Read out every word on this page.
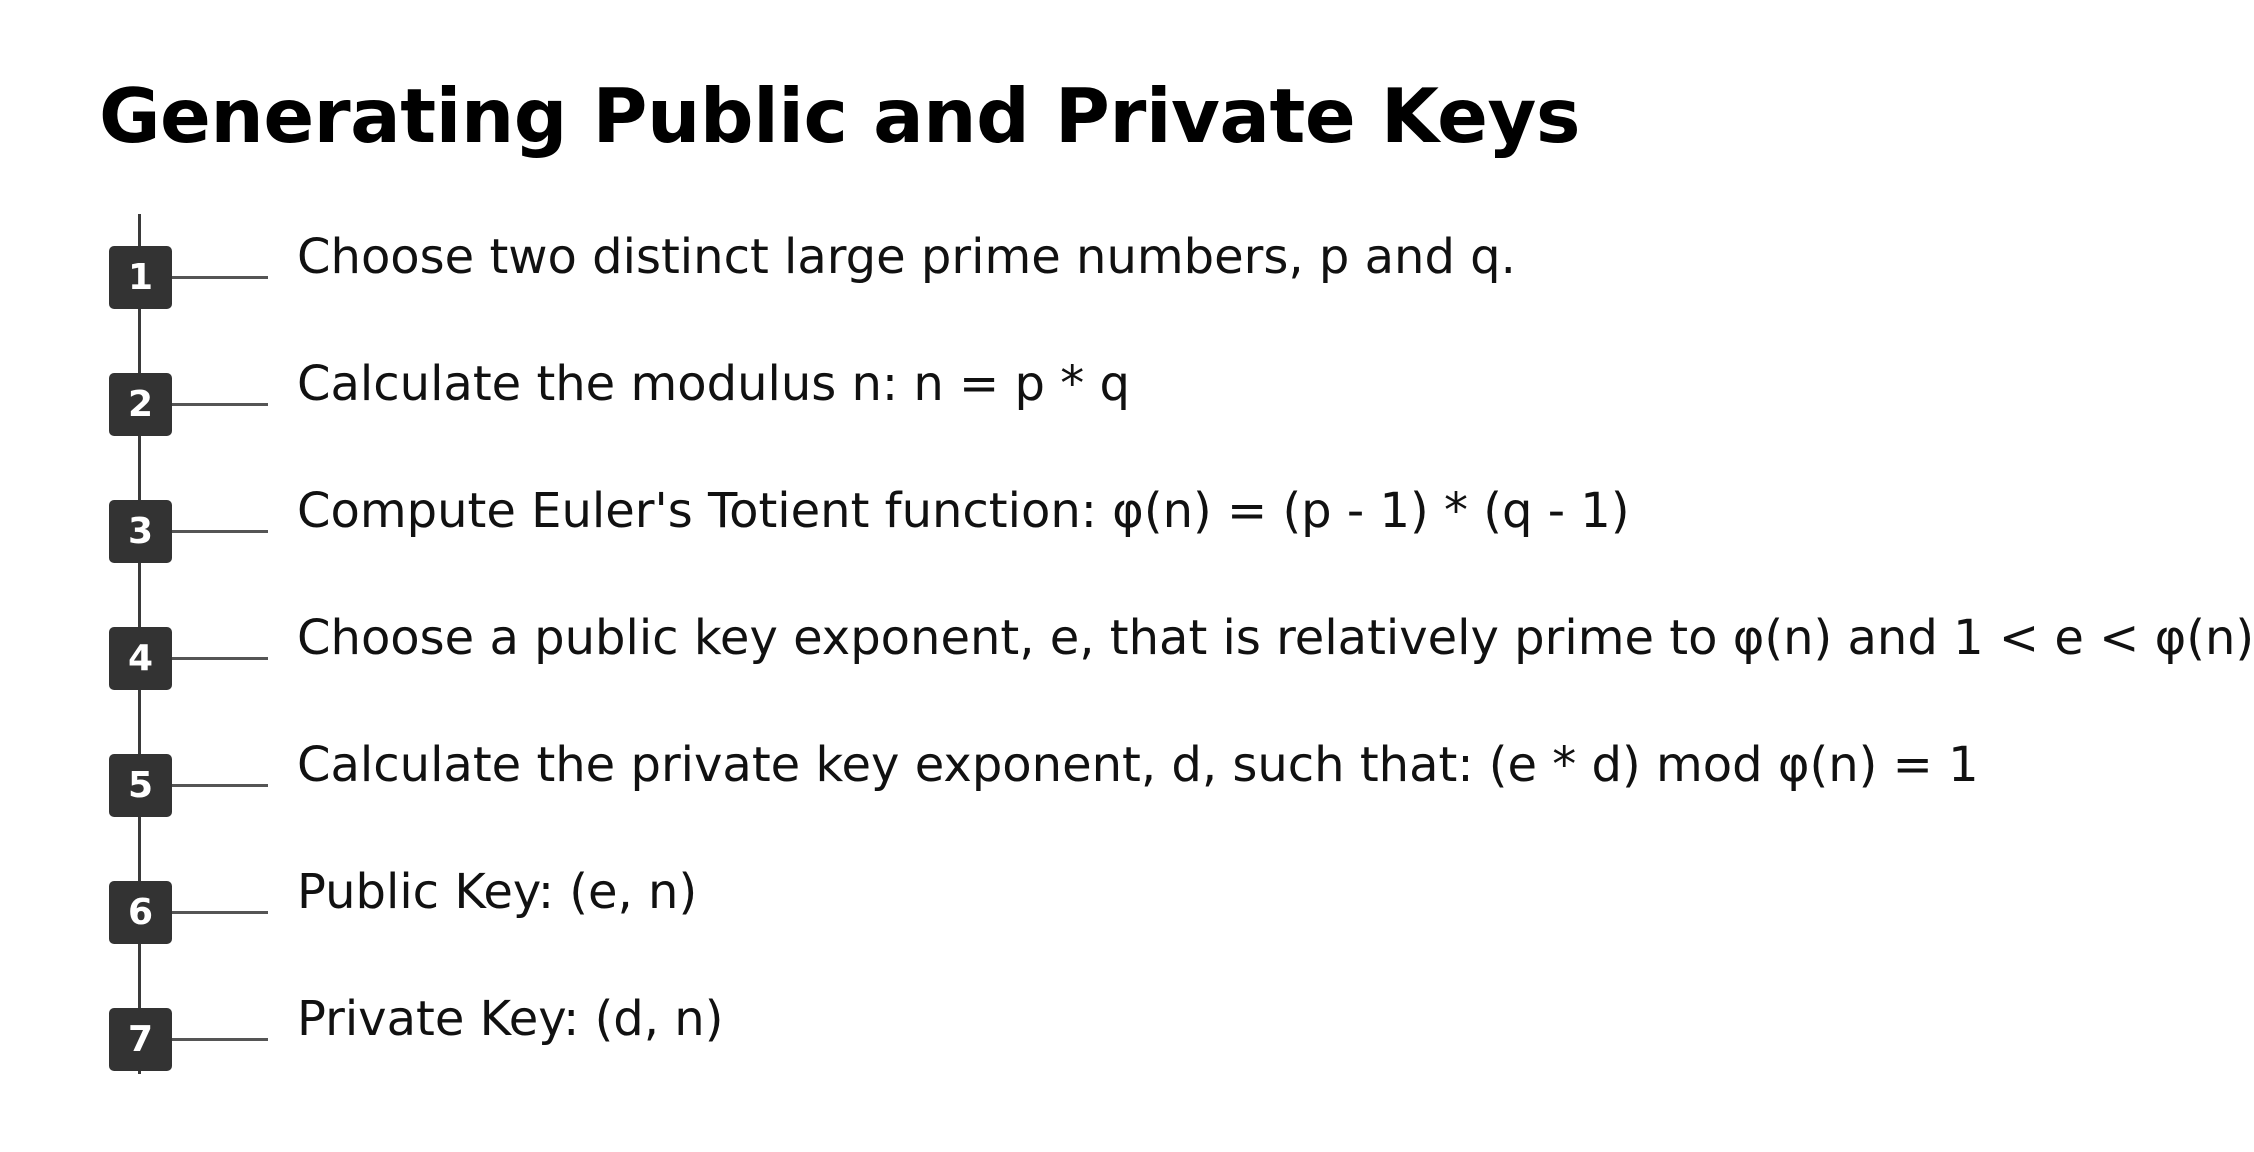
Generating Public and Private Keys
1	Choose two distinct large prime numbers, p and q.
2	Calculate the modulus n: n = p * q
3	Compute Euler's Totient function: φ(n) = (p - 1) * (q - 1)
4	Choose a public key exponent, e, that is relatively prime to φ(n) and 1 < e < φ(n)
5	Calculate the private key exponent, d, such that: (e * d) mod φ(n) = 1
6	Public Key: (e, n)
7	Private Key: (d, n)
